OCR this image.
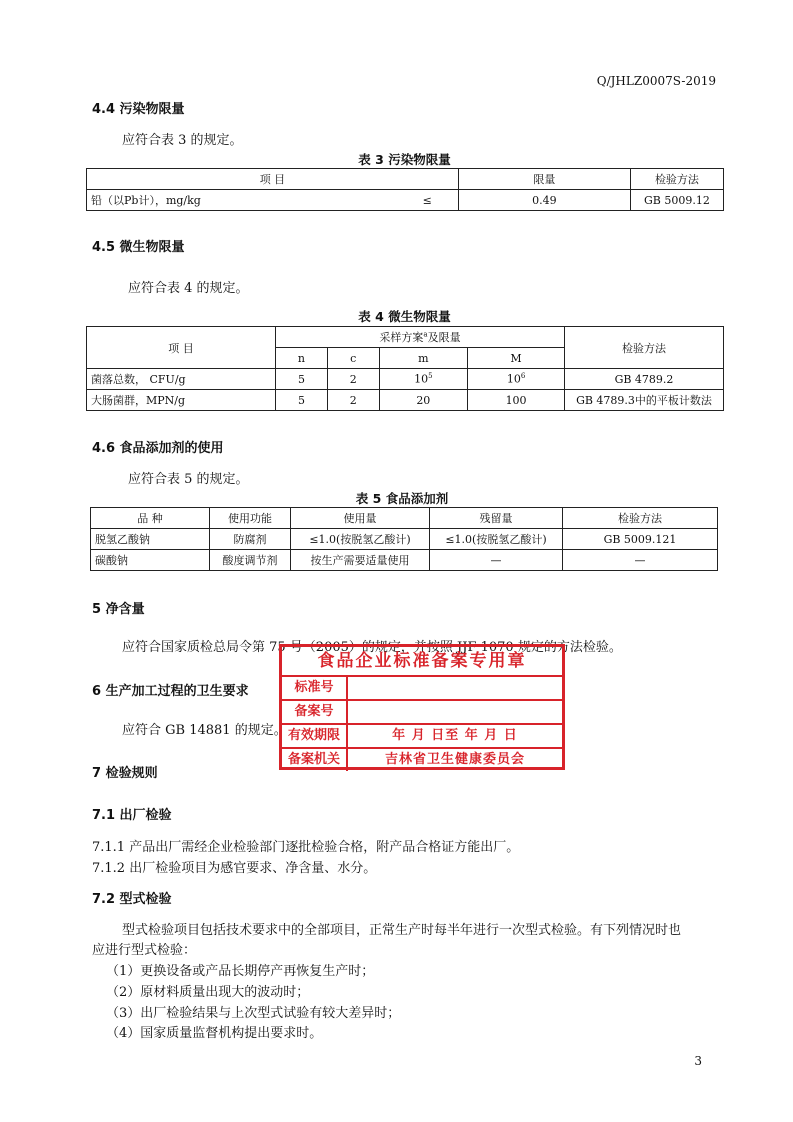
Q/JHLZ0007S-2019
4.4 污染物限量
应符合表 3 的规定。
表 3 污染物限量
项 目		限量	检验方法
铅（以Pb计），mg/kg	≤	0.49	GB 5009.12
4.5 微生物限量
应符合表 4 的规定。
表 4 微生物限量
项 目	采样方案$^a$及限量				检验方法
	n	c	m	M	
菌落总数， CFU/g	5	2	$10^5$	$10^6$	GB 4789.2
大肠菌群，MPN/g	5	2	20	100	GB 4789.3中的平板计数法
4.6 食品添加剂的使用
应符合表 5 的规定。
表 5 食品添加剂
品 种	使用功能	使用量	残留量	检验方法
脱氢乙酸钠	防腐剂	≤1.0(按脱氢乙酸计)	≤1.0(按脱氢乙酸计)	GB 5009.121
碳酸钠	酸度调节剂	按生产需要适量使用	—	—
5 净含量
应符合国家质检总局令第 75 号（2005）的规定，并按照 JJF 1070 规定的方法检验。
6 生产加工过程的卫生要求
应符合 GB 14881 的规定。
食品企业标准备案专用章
标准号
备案号
有效期限	年 月 日至 年 月 日
备案机关	吉林省卫生健康委员会
7 检验规则
7.1 出厂检验
7.1.1 产品出厂需经企业检验部门逐批检验合格，附产品合格证方能出厂。
7.1.2 出厂检验项目为感官要求、净含量、水分。
7.2 型式检验
型式检验项目包括技术要求中的全部项目，正常生产时每半年进行一次型式检验。有下列情况时也
应进行型式检验：
（1）更换设备或产品长期停产再恢复生产时；
（2）原材料质量出现大的波动时；
（3）出厂检验结果与上次型式试验有较大差异时；
（4）国家质量监督机构提出要求时。
3
